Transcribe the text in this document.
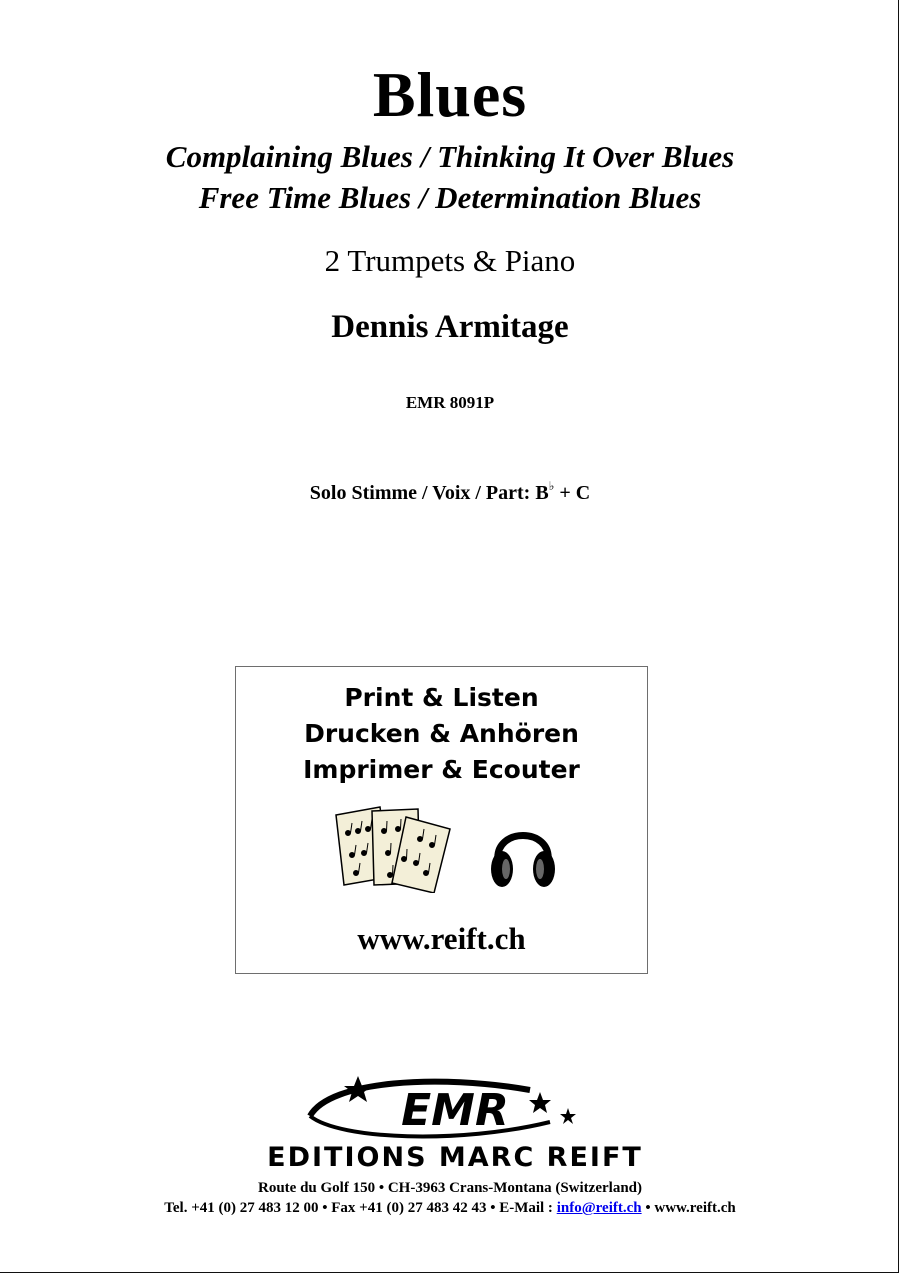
Blues
Complaining Blues / Thinking It Over Blues
Free Time Blues / Determination Blues
2 Trumpets & Piano
Dennis Armitage
EMR 8091P
Solo Stimme / Voix / Part: B♭ + C
Print & Listen
Drucken & Anhören
Imprimer & Ecouter
www.reift.ch
EMR
EDITIONS MARC REIFT
Route du Golf 150 • CH-3963 Crans-Montana (Switzerland)
Tel. +41 (0) 27 483 12 00 • Fax +41 (0) 27 483 42 43 • E-Mail : info@reift.ch • www.reift.ch
